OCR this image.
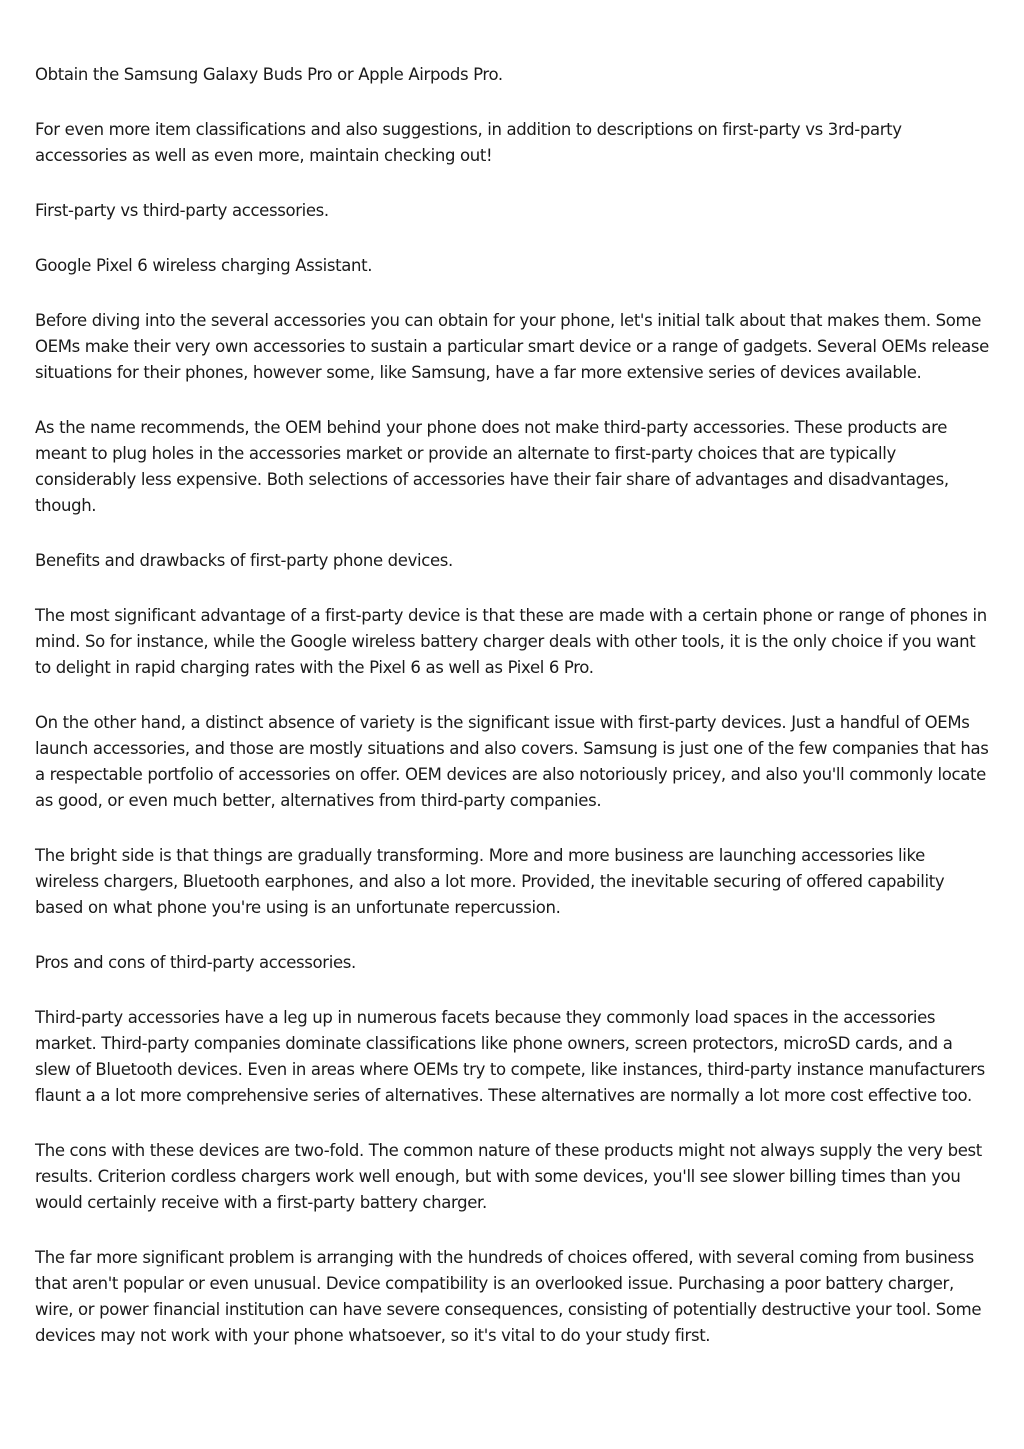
Obtain the Samsung Galaxy Buds Pro or Apple Airpods Pro.

For even more item classifications and also suggestions, in addition to descriptions on first-party vs 3rd-party accessories as well as even more, maintain checking out!

First-party vs third-party accessories.

Google Pixel 6 wireless charging Assistant.

Before diving into the several accessories you can obtain for your phone, let's initial talk about that makes them. Some OEMs make their very own accessories to sustain a particular smart device or a range of gadgets. Several OEMs release situations for their phones, however some, like Samsung, have a far more extensive series of devices available.

As the name recommends, the OEM behind your phone does not make third-party accessories. These products are meant to plug holes in the accessories market or provide an alternate to first-party choices that are typically considerably less expensive. Both selections of accessories have their fair share of advantages and disadvantages, though.

Benefits and drawbacks of first-party phone devices.

The most significant advantage of a first-party device is that these are made with a certain phone or range of phones in mind. So for instance, while the Google wireless battery charger deals with other tools, it is the only choice if you want to delight in rapid charging rates with the Pixel 6 as well as Pixel 6 Pro.

On the other hand, a distinct absence of variety is the significant issue with first-party devices. Just a handful of OEMs launch accessories, and those are mostly situations and also covers. Samsung is just one of the few companies that has a respectable portfolio of accessories on offer. OEM devices are also notoriously pricey, and also you'll commonly locate as good, or even much better, alternatives from third-party companies.

The bright side is that things are gradually transforming. More and more business are launching accessories like wireless chargers, Bluetooth earphones, and also a lot more. Provided, the inevitable securing of offered capability based on what phone you're using is an unfortunate repercussion.

Pros and cons of third-party accessories.

Third-party accessories have a leg up in numerous facets because they commonly load spaces in the accessories market. Third-party companies dominate classifications like phone owners, screen protectors, microSD cards, and a slew of Bluetooth devices. Even in areas where OEMs try to compete, like instances, third-party instance manufacturers flaunt a a lot more comprehensive series of alternatives. These alternatives are normally a lot more cost effective too.

The cons with these devices are two-fold. The common nature of these products might not always supply the very best results. Criterion cordless chargers work well enough, but with some devices, you'll see slower billing times than you would certainly receive with a first-party battery charger.

The far more significant problem is arranging with the hundreds of choices offered, with several coming from business that aren't popular or even unusual. Device compatibility is an overlooked issue. Purchasing a poor battery charger, wire, or power financial institution can have severe consequences, consisting of potentially destructive your tool. Some devices may not work with your phone whatsoever, so it's vital to do your study first.
